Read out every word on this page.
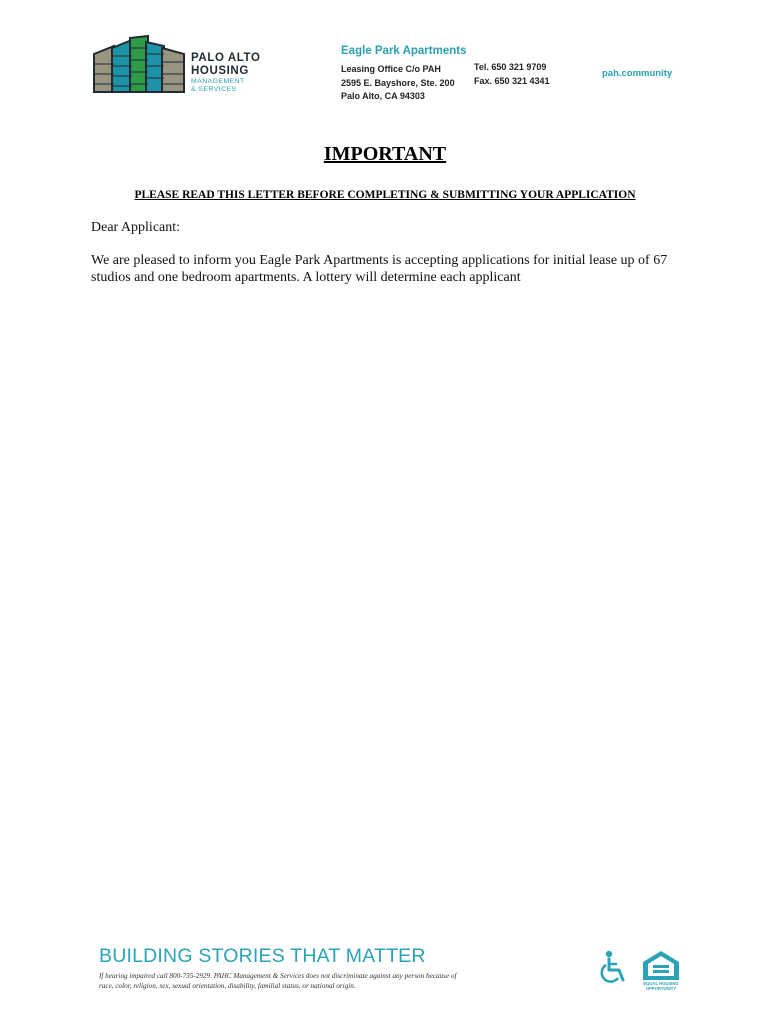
PALO ALTO
HOUSING
MANAGEMENT
& SERVICES
Eagle Park Apartments
Leasing Office C/o PAH
2595 E. Bayshore, Ste. 200
Palo Alto, CA 94303
Tel. 650 321 9709
Fax. 650 321 4341
pah.community
IMPORTANT
PLEASE READ THIS LETTER BEFORE COMPLETING & SUBMITTING YOUR APPLICATION
Dear Applicant:
We are pleased to inform you Eagle Park Apartments is accepting applications for initial lease up of 67 studios and one bedroom apartments. A lottery will determine each applicant
BUILDING STORIES THAT MATTER
If hearing impaired call 800-735-2929. PAHC Management & Services does not discriminate against any person because of race, color, religion, sex, sexual orientation, disability, familial status, or national origin.	EQUAL HOUSING
OPPORTUNITY
